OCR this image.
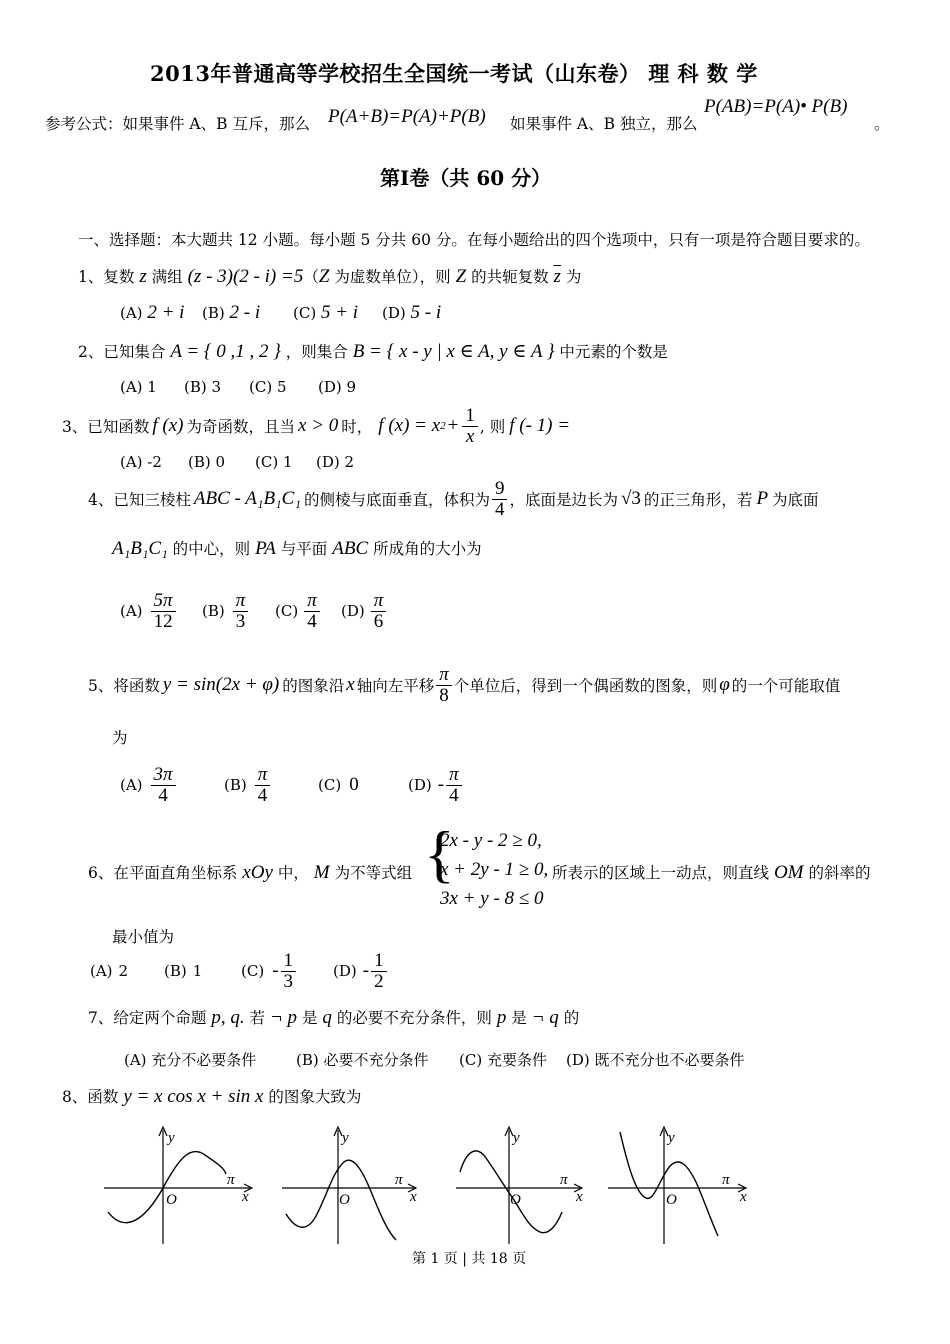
2013年普通高等学校招生全国统一考试（山东卷） 理 科 数 学
参考公式：如果事件 A、B 互斥，那么 P(A+B)=P(A)+P(B) 如果事件 A、B 独立，那么
P(AB)=P(A)• P(B)
。
第Ⅰ卷（共 60 分）
一、选择题：本大题共 12 小题。每小题 5 分共 60 分。在每小题给出的四个选项中，只有一项是符合题目要求的。
1、复数 z 满组 (z - 3)(2 - i) =5（Z 为虚数单位），则 Z 的共轭复数 $\overline{z}$ 为
(A) 2 + i (B) 2 - i (C) 5 + i (D) 5 - i
2、已知集合 A = { 0 ,1 , 2 } ，则集合 B = { x - y | x ∈ A, y ∈ A } 中元素的个数是
(A) 1 (B) 3 (C) 5 (D) 9
3、已知函数 f (x) 为奇函数，且当 x > 0 时， f (x) = x $2 + \frac{1}{x}$ , 则 f (- 1) =
(A) -2 (B) 0 (C) 1 (D) 2
4、已知三棱柱 ABC - A₁B₁C₁ 的侧棱与底面垂直，体积为 $\frac{9}{4}$ ，底面是边长为 √3 的正三角形，若 P 为底面
A₁B₁C₁ 的中心，则 PA 与平面 ABC 所成角的大小为
$(A) \frac{5\pi}{12} (B) \frac{\pi}{3} (C) \frac{\pi}{4} (D) \frac{\pi}{6}$
5、将函数 y = sin(2x + φ) 的图象沿 x 轴向左平移 $\frac{\pi}{8}$ 个单位后，得到一个偶函数的图象，则 φ 的一个可能取值
为
$(A) \frac{3\pi}{4}$	$(B) \frac{\pi}{4}$	(C) 0	$(D) - \frac{\pi}{4}$
6、在平面直角坐标系 xOy 中， M 为不等式组 {
2x - y - 2 ≥ 0,
x + 2y - 1 ≥ 0,
3x + y - 8 ≤ 0
所表示的区域上一动点，则直线 OM 的斜率的
最小值为
(A) 2 (B) 1	$(C) - \frac{1}{3} (D) - \frac{1}{2}$
7、给定两个命题 p, q. 若 ¬ p 是 q 的必要不充分条件，则 p 是 ¬ q 的
(A) 充分不必要条件	(B) 必要不充分条件 (C) 充要条件 (D) 既不充分也不必要条件
8、函数 y = x cos x + sin x 的图象大致为
y
x
O
π
y
x
O
π
y
x
O
π
y
x
O
π
第 1 页 | 共 18 页
